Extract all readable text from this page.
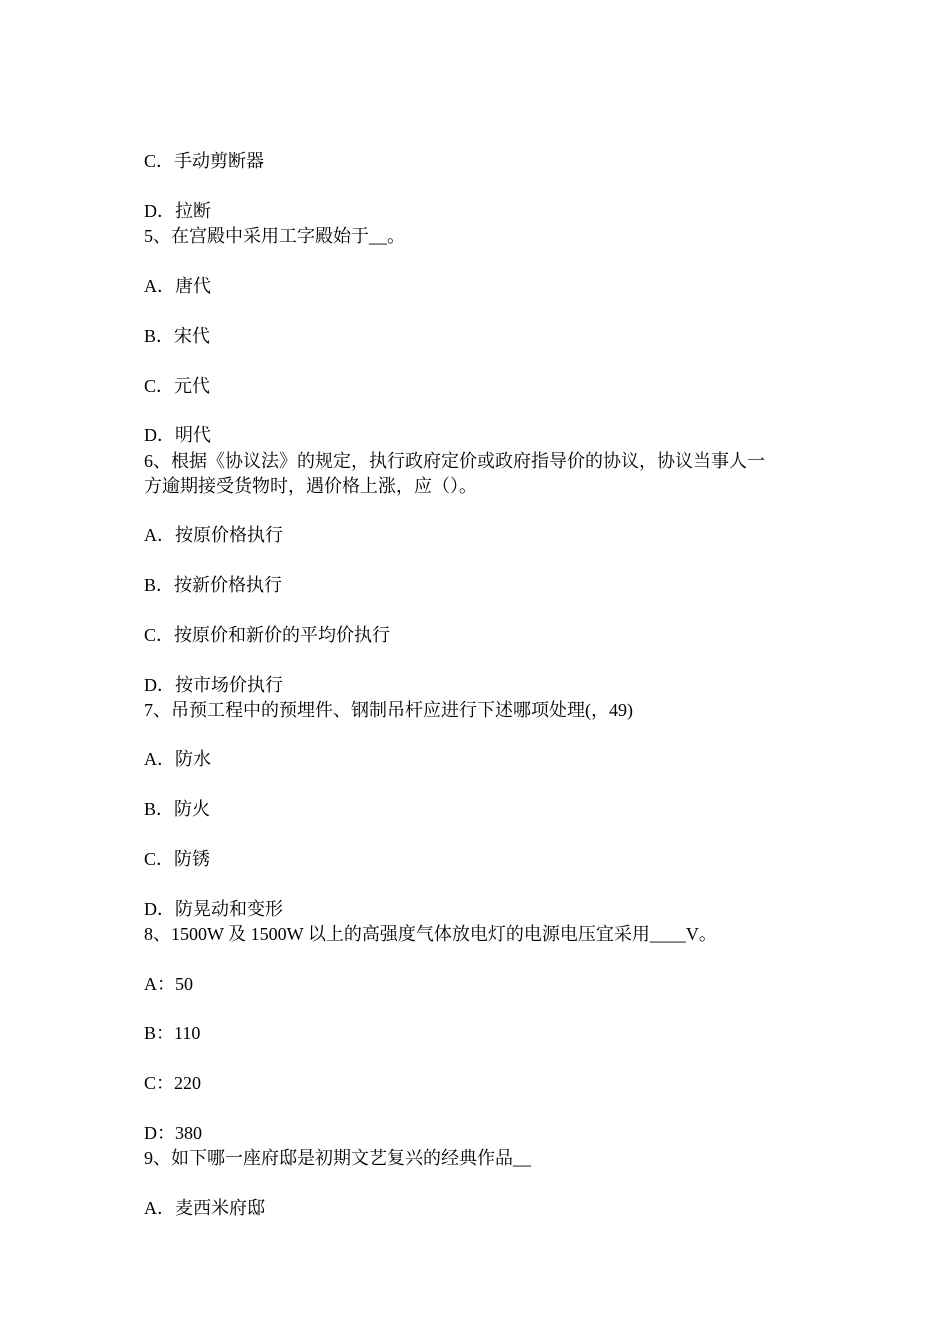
C．手动剪断器
D．拉断
5、在宫殿中采用工字殿始于__。
A．唐代
B．宋代
C．元代
D．明代
6、根据《协议法》的规定，执行政府定价或政府指导价的协议，协议当事人一
方逾期接受货物时，遇价格上涨，应（）。
A．按原价格执行
B．按新价格执行
C．按原价和新价的平均价执行
D．按市场价执行
7、吊预工程中的预埋件、钢制吊杆应进行下述哪项处理(，49)
A．防水
B．防火
C．防锈
D．防晃动和变形
8、1500W 及 1500W 以上的高强度气体放电灯的电源电压宜采用____V。
A：50
B：110
C：220
D：380
9、如下哪一座府邸是初期文艺复兴的经典作品__
A．麦西米府邸
